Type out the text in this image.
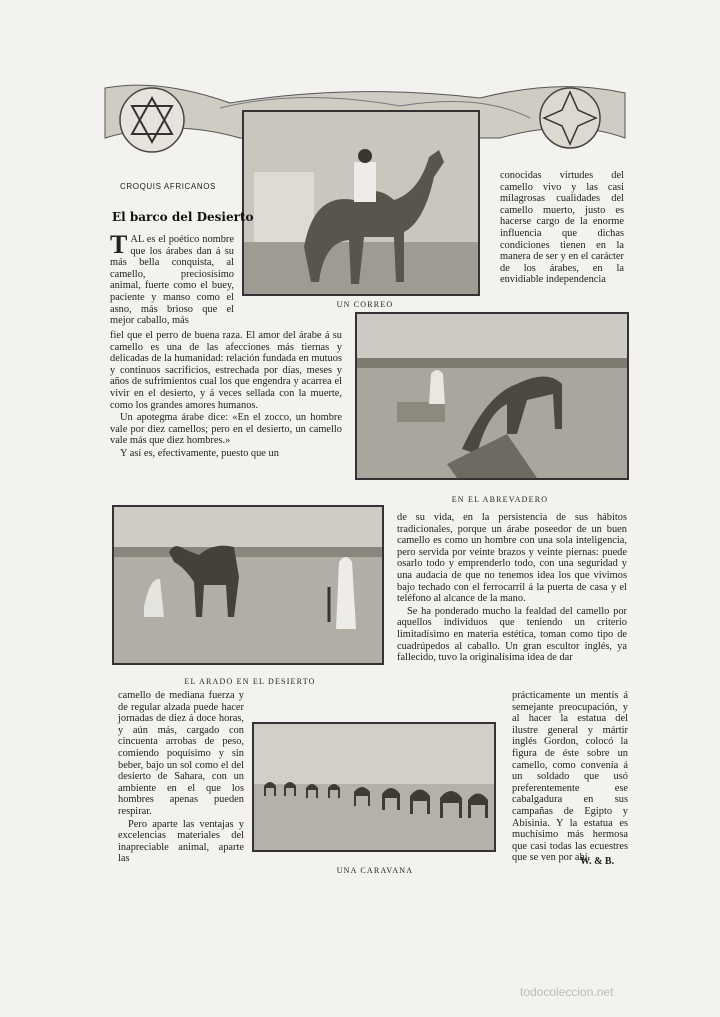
UN CORREO
CROQUIS AFRICANOS
El barco del Desierto
T AL es el poético nombre que los árabes dan á su más bella conquista, al camello, preciosísimo animal, fuerte como el buey, paciente y manso como el asno, más brioso que el mejor caballo, más

fiel que el perro de buena raza. El amor del árabe á su camello es una de las afecciones más tiernas y delicadas de la humanidad: relación fundada en mutuos y continuos sacrificios, estrechada por días, meses y años de sufrimientos cual los que engendra y acarrea el vivir en el desierto, y á veces sellada con la muerte, como los grandes amores humanos.

Un apotegma árabe dice: «En el zocco, un hombre vale por diez camellos; pero en el desierto, un camello vale más que diez hombres.»

Y así es, efectivamente, puesto que un

conocidas virtudes del camello vivo y las casi milagrosas cualidades del camello muerto, justo es hacerse cargo de la enorme influencia que dichas condiciones tienen en la manera de ser y en el carácter de los árabes, en la envidiable independencia

EN EL ABREVADERO
EL ARADO EN EL DESIERTO

de su vida, en la persistencia de sus hábitos tradicionales, porque un árabe poseedor de un buen camello es como un hombre con una sola inteligencia, pero servida por veinte brazos y veinte piernas: puede osarlo todo y emprenderlo todo, con una seguridad y una audacia de que no tenemos idea los que vivimos bajo techado con el ferrocarril á la puerta de casa y el teléfono al alcance de la mano.

Se ha ponderado mucho la fealdad del camello por aquellos individuos que teniendo un criterio limitadísimo en materia estética, toman como tipo de cuadrúpedos al caballo. Un gran escultor inglés, ya fallecido, tuvo la originalísima idea de dar

camello de mediana fuerza y de regular alzada puede hacer jornadas de diez á doce horas, y aún más, cargado con cincuenta arrobas de peso, comiendo poquísimo y sin beber, bajo un sol como el del desierto de Sahara, con un ambiente en el que los hombres apenas pueden respirar.

Pero aparte las ventajas y excelencias materiales del inapreciable animal, aparte las

UNA CARAVANA

prácticamente un mentís á semejante preocupación, y al hacer la estatua del ilustre general y mártir inglés Gordon, colocó la figura de éste sobre un camello, como convenía á un soldado que usó preferentemente ese cabalgadura en sus campañas de Egipto y Abisinia. Y la estatua es muchísimo más hermosa que casi todas las ecuestres que se ven por ahí.

W. & B.
todocoleccion.net
